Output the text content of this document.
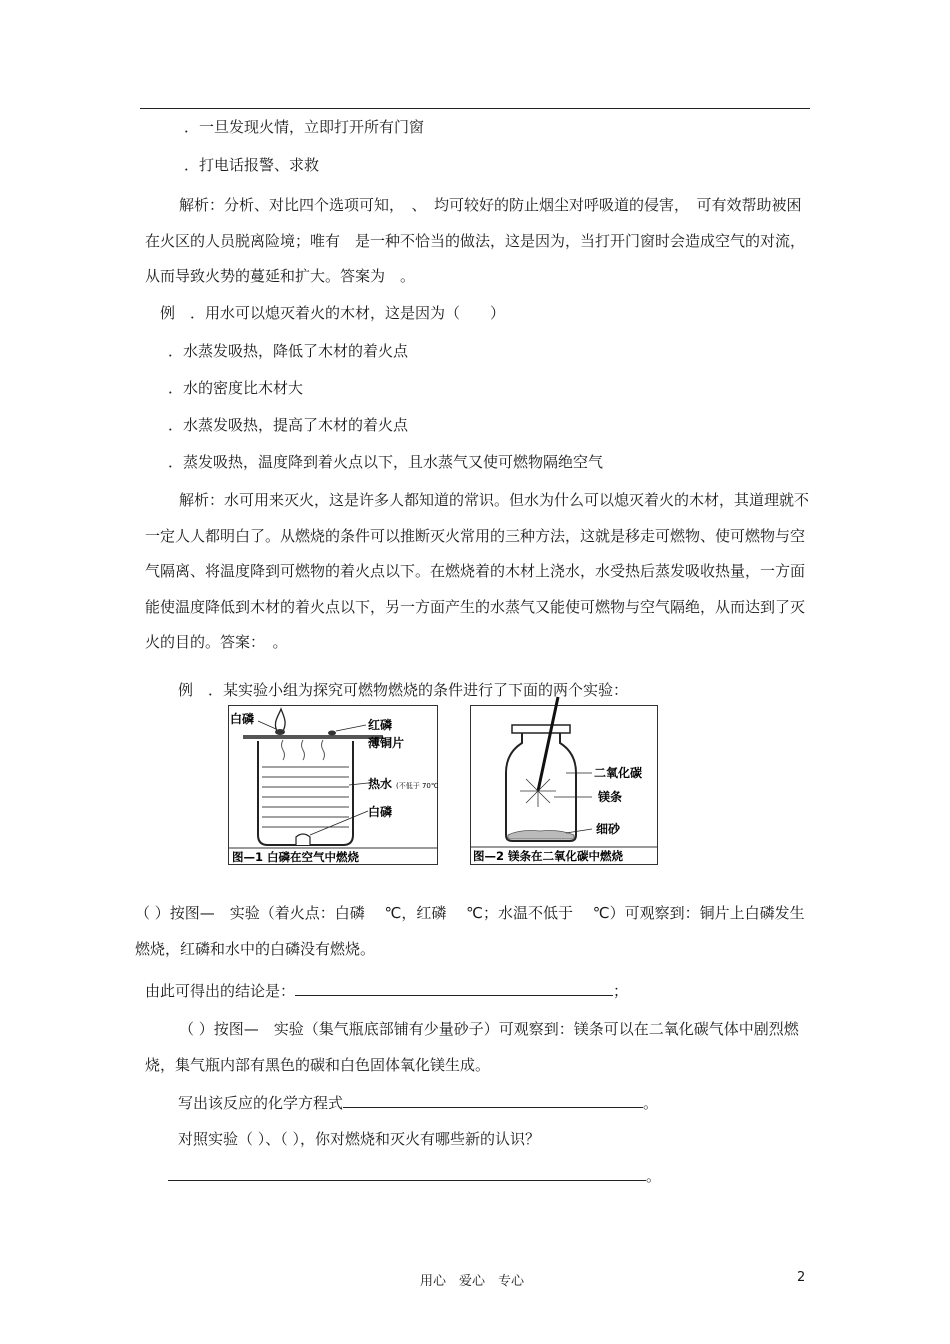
．一旦发现火情，立即打开所有门窗
．打电话报警、求救
解析：分析、对比四个选项可知，　、　均可较好的防止烟尘对呼吸道的侵害，　可有效帮助被困在火区的人员脱离险境；唯有　是一种不恰当的做法，这是因为，当打开门窗时会造成空气的对流，从而导致火势的蔓延和扩大。答案为　。
例　．用水可以熄灭着火的木材，这是因为（　　）
．水蒸发吸热，降低了木材的着火点
．水的密度比木材大
．水蒸发吸热，提高了木材的着火点
．蒸发吸热，温度降到着火点以下，且水蒸气又使可燃物隔绝空气
解析：水可用来灭火，这是许多人都知道的常识。但水为什么可以熄灭着火的木材，其道理就不一定人人都明白了。从燃烧的条件可以推断灭火常用的三种方法，这就是移走可燃物、使可燃物与空气隔离、将温度降到可燃物的着火点以下。在燃烧着的木材上浇水，水受热后蒸发吸收热量，一方面能使温度降低到木材的着火点以下，另一方面产生的水蒸气又能使可燃物与空气隔绝，从而达到了灭火的目的。答案：　。
例　．某实验小组为探究可燃物燃烧的条件进行了下面的两个实验：
白磷	红磷
薄铜片
热水 (不低于 70℃)
白磷
图—1 白磷在空气中燃烧
二氧化碳
镁条
细砂
图—2 镁条在二氧化碳中燃烧
（ ）按图—　实验（着火点：白磷　 ℃，红磷　 ℃；水温不低于　 ℃）可观察到：铜片上白磷发生燃烧，红磷和水中的白磷没有燃烧。
由此可得出的结论是：	；
（ ）按图—　实验（集气瓶底部铺有少量砂子）可观察到：镁条可以在二氧化碳气体中剧烈燃烧，集气瓶内部有黑色的碳和白色固体氧化镁生成。
写出该反应的化学方程式	。
对照实验（ ）、（ ），你对燃烧和灭火有哪些新的认识？
。
用心　爱心　专心	2
